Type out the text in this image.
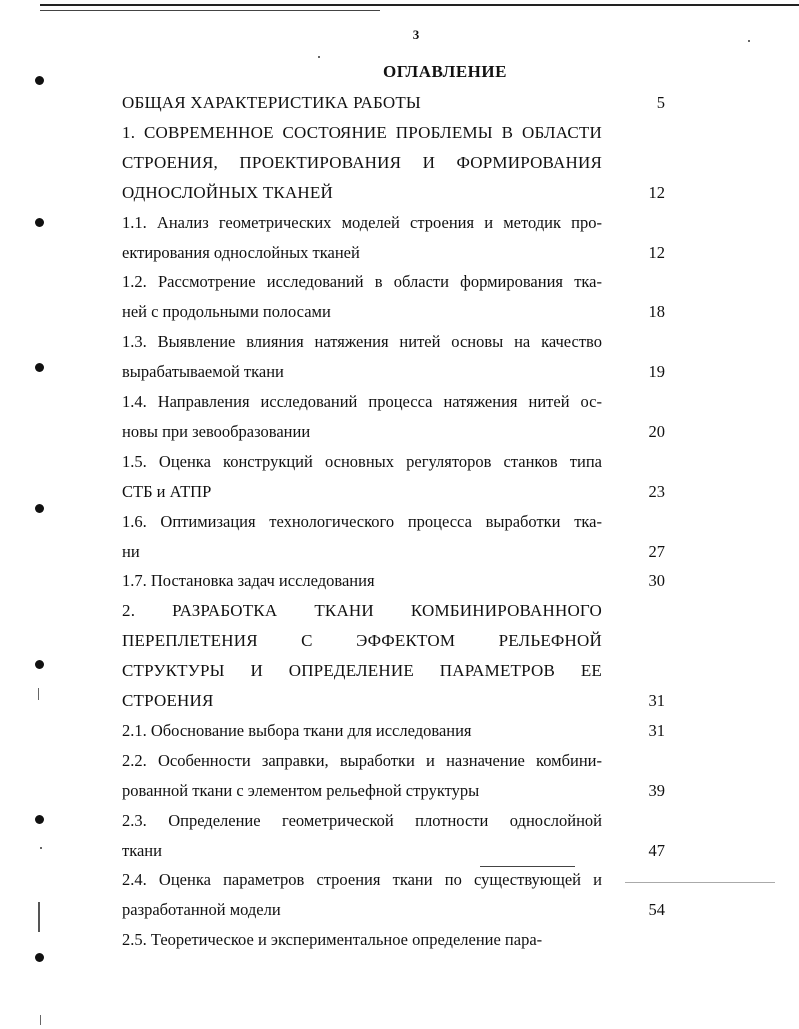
3
ОГЛАВЛЕНИЕ
ОБЩАЯ ХАРАКТЕРИСТИКА РАБОТЫ	5
1. СОВРЕМЕННОЕ СОСТОЯНИЕ ПРОБЛЕМЫ В ОБЛАСТИ
СТРОЕНИЯ, ПРОЕКТИРОВАНИЯ И ФОРМИРОВАНИЯ
ОДНОСЛОЙНЫХ ТКАНЕЙ	12
1.1. Анализ геометрических моделей строения и методик про-
ектирования однослойных тканей	12
1.2. Рассмотрение исследований в области формирования тка-
ней с продольными полосами	18
1.3. Выявление влияния натяжения нитей основы на качество
вырабатываемой ткани	19
1.4. Направления исследований процесса натяжения нитей ос-
новы при зевообразовании	20
1.5. Оценка конструкций основных регуляторов станков типа
СТБ и АТПР	23
1.6. Оптимизация технологического процесса выработки тка-
ни	27
1.7. Постановка задач исследования	30
2. РАЗРАБОТКА ТКАНИ КОМБИНИРОВАННОГО
ПЕРЕПЛЕТЕНИЯ С ЭФФЕКТОМ РЕЛЬЕФНОЙ
СТРУКТУРЫ И ОПРЕДЕЛЕНИЕ ПАРАМЕТРОВ ЕЕ
СТРОЕНИЯ	31
2.1. Обоснование выбора ткани для исследования	31
2.2. Особенности заправки, выработки и назначение комбини-
рованной ткани с элементом рельефной структуры	39
2.3. Определение геометрической плотности однослойной
ткани	47
2.4. Оценка параметров строения ткани по существующей и
разработанной модели	54
2.5. Теоретическое и экспериментальное определение пара-
